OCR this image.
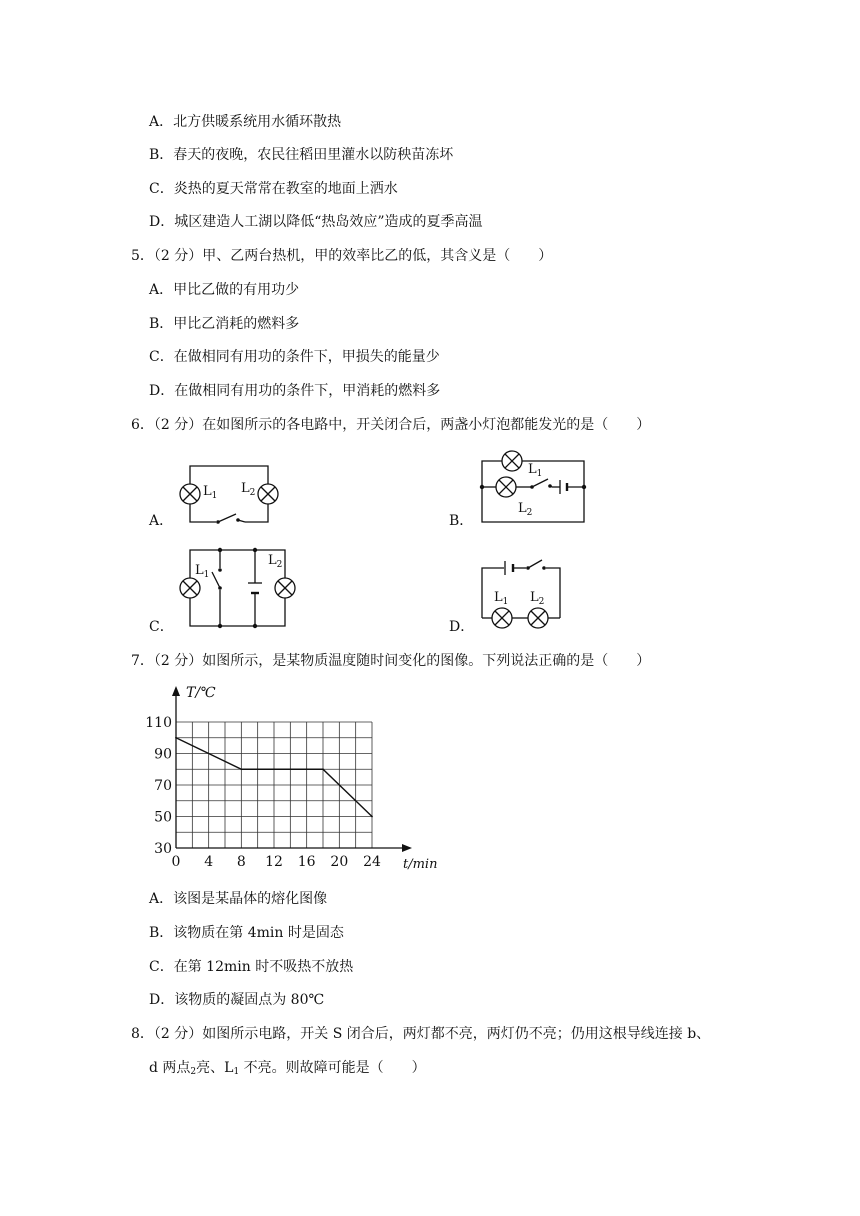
A．北方供暖系统用水循环散热
B．春天的夜晚，农民往稻田里灌水以防秧苗冻坏
C．炎热的夏天常常在教室的地面上洒水
D．城区建造人工湖以降低“热岛效应”造成的夏季高温
5．（2 分）甲、乙两台热机，甲的效率比乙的低，其含义是（　　）
A．甲比乙做的有用功少
B．甲比乙消耗的燃料多
C．在做相同有用功的条件下，甲损失的能量少
D．在做相同有用功的条件下，甲消耗的燃料多
6．（2 分）在如图所示的各电路中，开关闭合后，两盏小灯泡都能发光的是（　　）
A．	B．
C．	D．
$L_1$ $L_2$
$L_1$
$L_2$
$L_1$
$L_2$
$L_1$ $L_2$
7．（2 分）如图所示，是某物质温度随时间变化的图像。下列说法正确的是（　　）
0 4 8 12 16 20 24
30
50
70
90
110
T/℃
t/min
A．该图是某晶体的熔化图像
B．该物质在第 4min 时是固态
C．在第 12min 时不吸热不放热
D．该物质的凝固点为 80℃
8．（2 分）如图所示电路，开关 S 闭合后，两灯都不亮，两灯仍不亮；仍用这根导线连接 b、
d 两点$_2$亮、$L_1$ 不亮。则故障可能是（　　）
